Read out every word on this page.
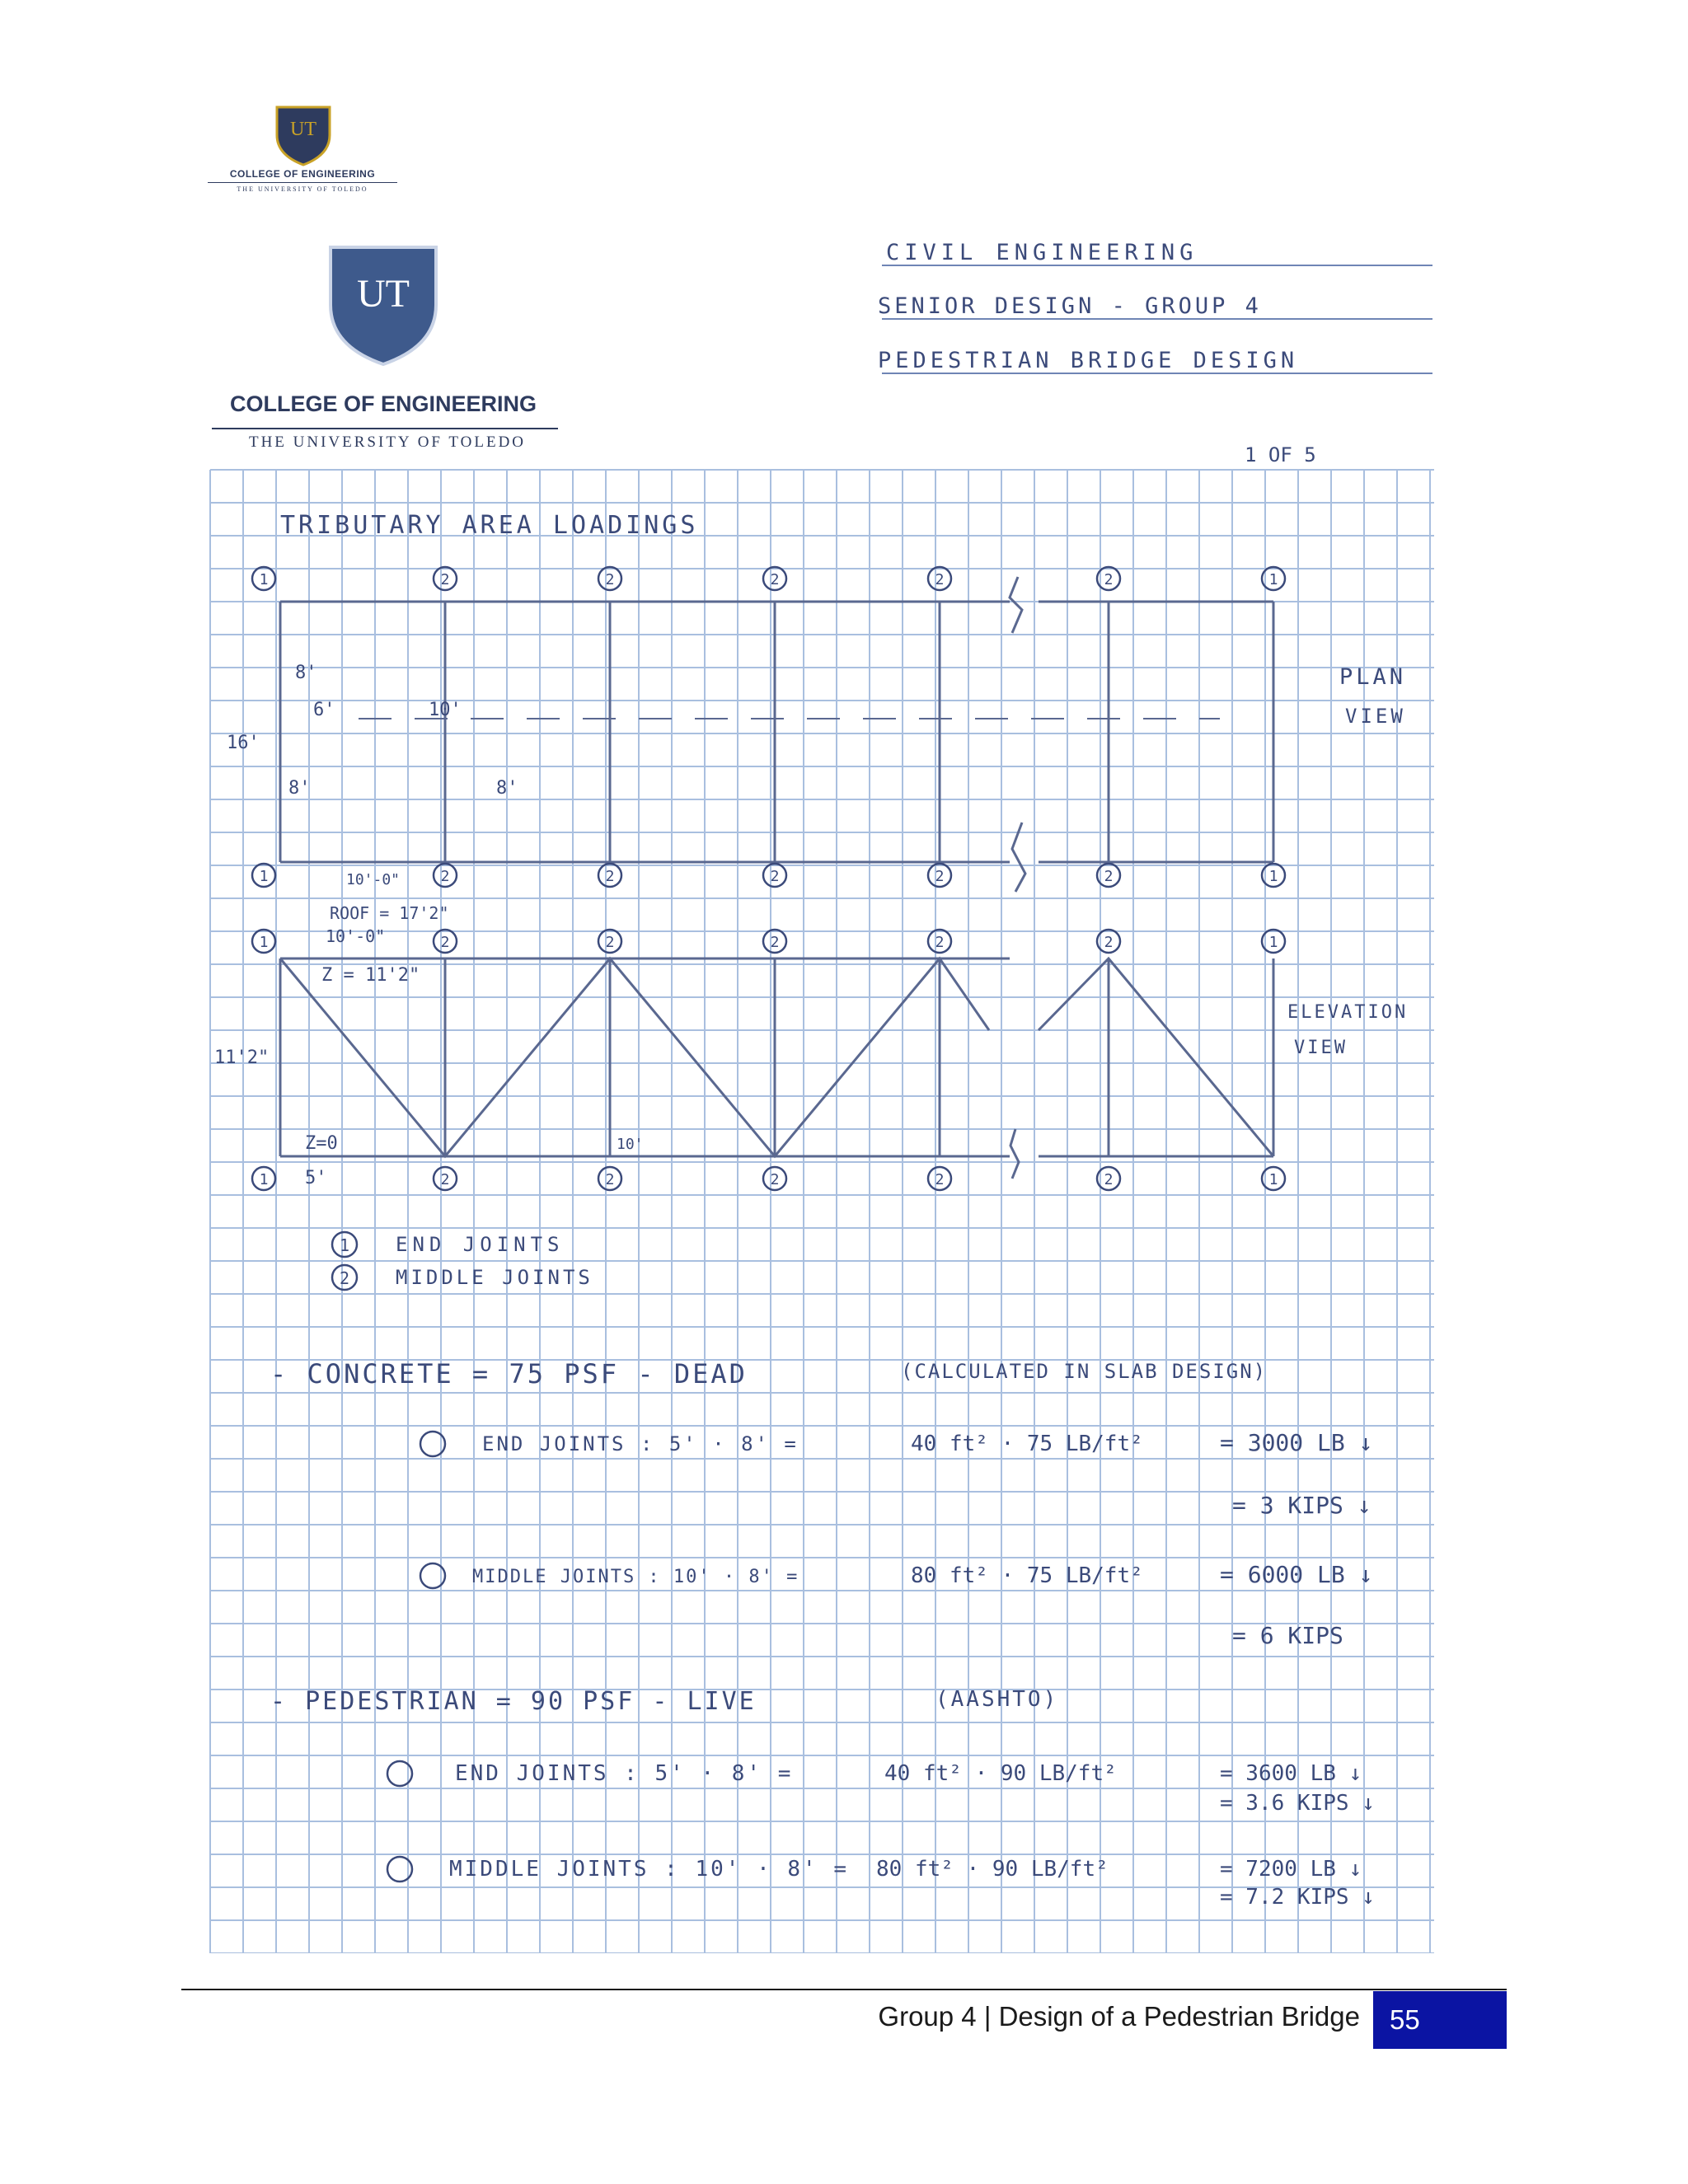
UT
COLLEGE OF ENGINEERING
THE UNIVERSITY OF TOLEDO
CIVIL ENGINEERING
SENIOR DESIGN - GROUP 4
PEDESTRIAN BRIDGE DESIGN
1 OF 5
TRIBUTARY AREA LOADINGS
8'
6'
16'
8'
10'
8'
10'-0"
PLAN
VIEW
ROOF = 17'2"
10'-0"
Z = 11'2"
11'2"
Z=0
5'
10'
ELEVATION
VIEW
1	2	2	2	2	2	1
1	2	2	2	2	2	1
1	2	2	2	2	2	1
1	2	2	2	2	2	1
1 END JOINTS
2 MIDDLE JOINTS
- CONCRETE = 75 PSF - DEAD	(CALCULATED IN SLAB DESIGN)
END JOINTS : 5' · 8' =	40 ft² · 75 LB/ft²	= 3000 LB ↓
= 3 KIPS ↓
MIDDLE JOINTS : 10' · 8' =	80 ft² · 75 LB/ft²	= 6000 LB ↓
= 6 KIPS
- PEDESTRIAN = 90 PSF - LIVE	(AASHTO)
END JOINTS : 5' · 8' =	40 ft² · 90 LB/ft²	= 3600 LB ↓
= 3.6 KIPS ↓
MIDDLE JOINTS : 10' · 8' = 80 ft² · 90 LB/ft²	= 7200 LB ↓
= 7.2 KIPS ↓
UT
COLLEGE OF ENGINEERING
THE UNIVERSITY OF TOLEDO
Group 4 | Design of a Pedestrian Bridge	55
